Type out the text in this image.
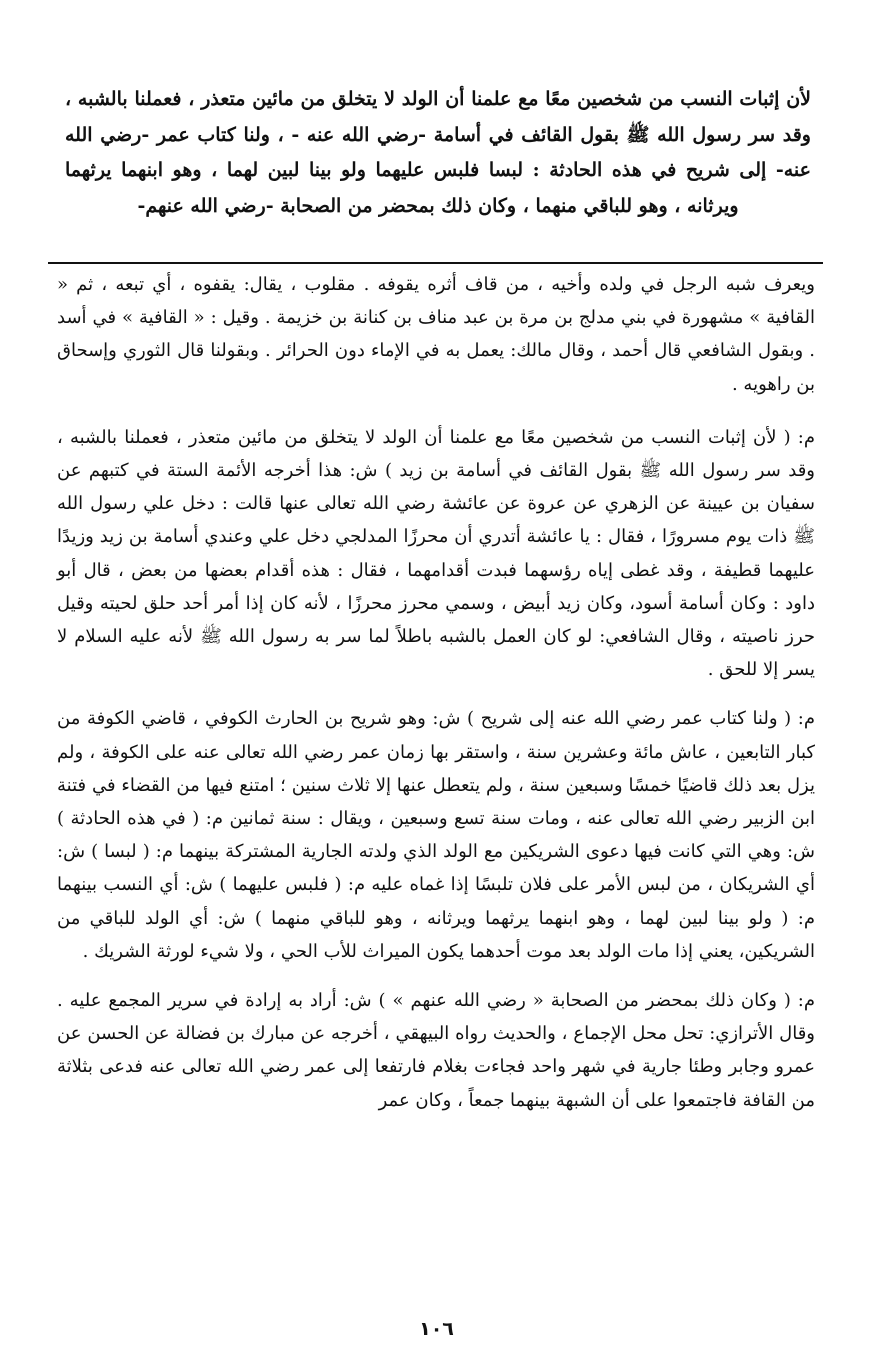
لأن إثبات النسب من شخصين معًا مع علمنا أن الولد لا يتخلق من مائين متعذر ، فعملنا بالشبه ، وقد سر رسول الله ﷺ بقول القائف في أسامة -رضي الله عنه - ، ولنا كتاب عمر -رضي الله عنه- إلى شريح في هذه الحادثة : لبسا فلبس عليهما ولو بينا لبين لهما ، وهو ابنهما يرثهما ويرثانه ، وهو للباقي منهما ، وكان ذلك بمحضر من الصحابة -رضي الله عنهم-

ويعرف شبه الرجل في ولده وأخيه ، من قاف أثره يقوفه . مقلوب ، يقال: يقفوه ، أي تبعه ، ثم « القافية » مشهورة في بني مدلج بن مرة بن عبد مناف بن كنانة بن خزيمة . وقيل : « القافية » في أسد . وبقول الشافعي قال أحمد ، وقال مالك: يعمل به في الإماء دون الحرائر . وبقولنا قال الثوري وإسحاق بن راهويه .

م: ( لأن إثبات النسب من شخصين معًا مع علمنا أن الولد لا يتخلق من مائين متعذر ، فعملنا بالشبه ، وقد سر رسول الله ﷺ بقول القائف في أسامة بن زيد ) ش: هذا أخرجه الأئمة الستة في كتبهم عن سفيان بن عيينة عن الزهري عن عروة عن عائشة رضي الله تعالى عنها قالت : دخل علي رسول الله ﷺ ذات يوم مسرورًا ، فقال : يا عائشة أتدري أن محرزًا المدلجي دخل علي وعندي أسامة بن زيد وزيدًا عليهما قطيفة ، وقد غطى إياه رؤسهما فبدت أقدامهما ، فقال : هذه أقدام بعضها من بعض ، قال أبو داود : وكان أسامة أسود، وكان زيد أبيض ، وسمي محرز محرزًا ، لأنه كان إذا أمر أحد حلق لحيته وقيل حرز ناصيته ، وقال الشافعي: لو كان العمل بالشبه باطلاً لما سر به رسول الله ﷺ لأنه عليه السلام لا يسر إلا للحق .

م: ( ولنا كتاب عمر رضي الله عنه إلى شريح ) ش: وهو شريح بن الحارث الكوفي ، قاضي الكوفة من كبار التابعين ، عاش مائة وعشرين سنة ، واستقر بها زمان عمر رضي الله تعالى عنه على الكوفة ، ولم يزل بعد ذلك قاضيًا خمسًا وسبعين سنة ، ولم يتعطل عنها إلا ثلاث سنين ؛ امتنع فيها من القضاء في فتنة ابن الزبير رضي الله تعالى عنه ، ومات سنة تسع وسبعين ، ويقال : سنة ثمانين م: ( في هذه الحادثة ) ش: وهي التي كانت فيها دعوى الشريكين مع الولد الذي ولدته الجارية المشتركة بينهما م: ( لبسا ) ش: أي الشريكان ، من لبس الأمر على فلان تلبسًا إذا غماه عليه م: ( فلبس عليهما ) ش: أي النسب بينهما م: ( ولو بينا لبين لهما ، وهو ابنهما يرثهما ويرثانه ، وهو للباقي منهما ) ش: أي الولد للباقي من الشريكين، يعني إذا مات الولد بعد موت أحدهما يكون الميراث للأب الحي ، ولا شيء لورثة الشريك .

م: ( وكان ذلك بمحضر من الصحابة « رضي الله عنهم » ) ش: أراد به إرادة في سرير المجمع عليه . وقال الأترازي: تحل محل الإجماع ، والحديث رواه البيهقي ، أخرجه عن مبارك بن فضالة عن الحسن عن عمرو وجابر وطئا جارية في شهر واحد فجاءت بغلام فارتفعا إلى عمر رضي الله تعالى عنه فدعى بثلاثة من القافة فاجتمعوا على أن الشبهة بينهما جمعاً ، وكان عمر

١٠٦
